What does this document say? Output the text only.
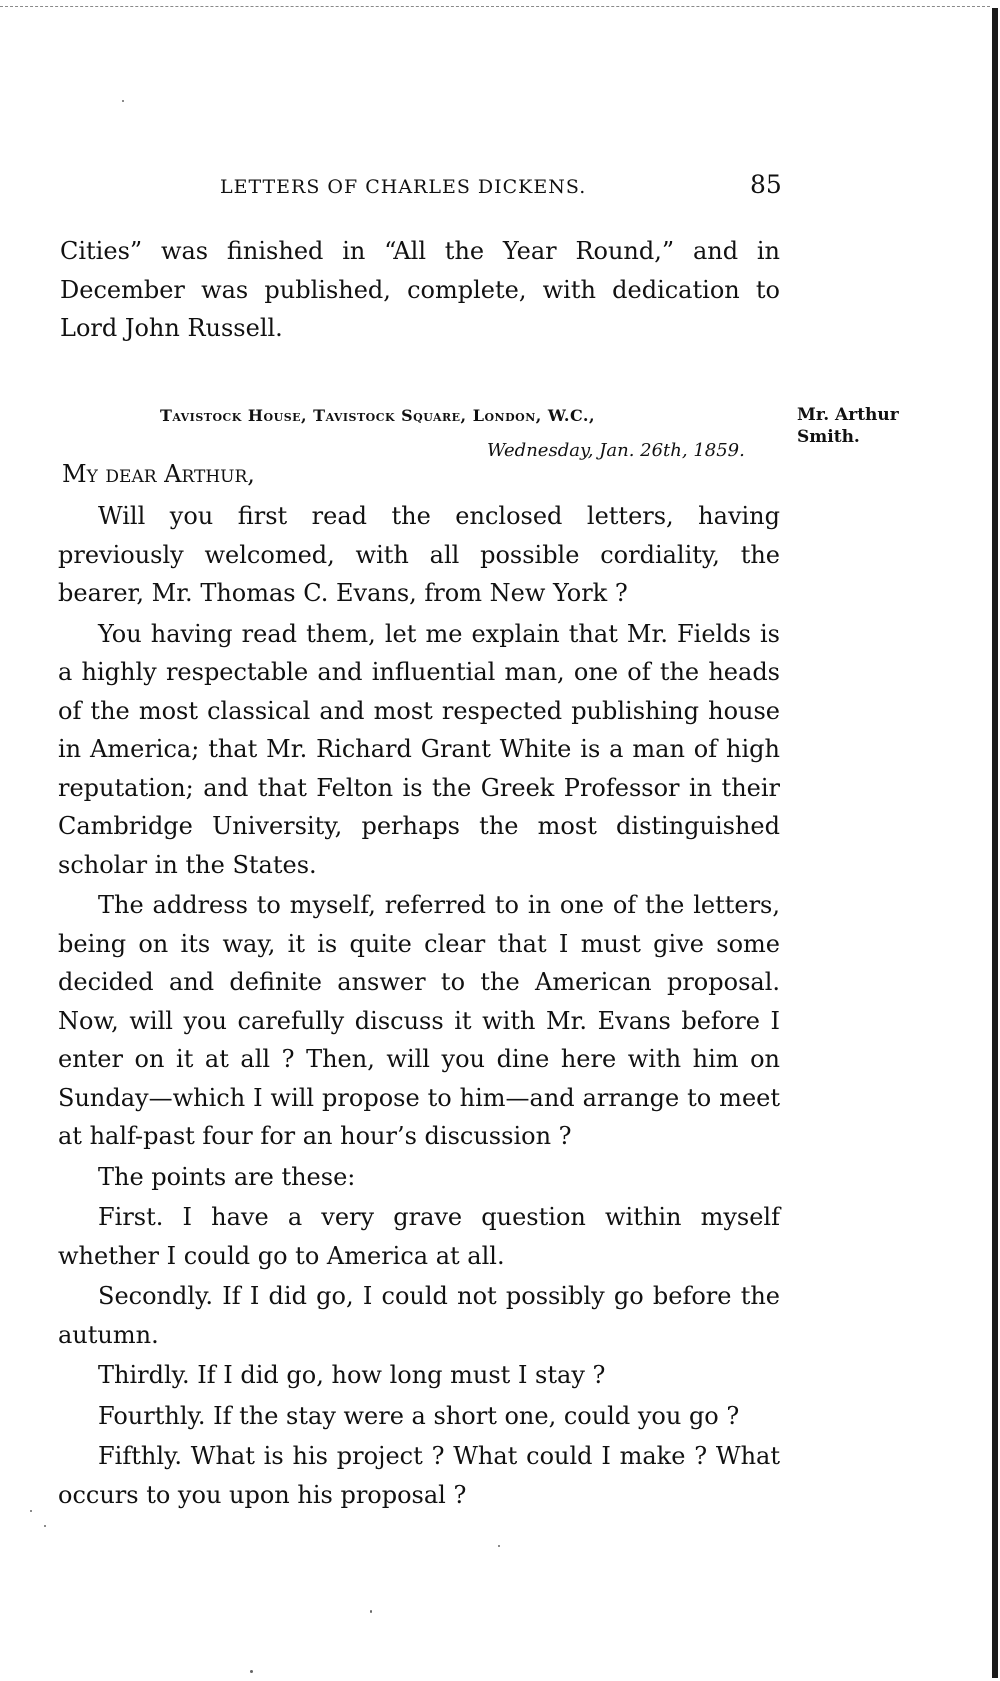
LETTERS OF CHARLES DICKENS.	85
Cities” was finished in “All the Year Round,” and in December was published, complete, with dedication to Lord John Russell.
Tavistock House, Tavistock Square, London, W.C.,
Wednesday, Jan. 26th, 1859.
Mr. Arthur Smith.
My dear Arthur,

Will you first read the enclosed letters, having previously welcomed, with all possible cordiality, the bearer, Mr. Thomas C. Evans, from New York ?

You having read them, let me explain that Mr. Fields is a highly respectable and influential man, one of the heads of the most classical and most respected publishing house in America; that Mr. Richard Grant White is a man of high reputation; and that Felton is the Greek Professor in their Cambridge University, perhaps the most distinguished scholar in the States.

The address to myself, referred to in one of the letters, being on its way, it is quite clear that I must give some decided and definite answer to the American proposal. Now, will you carefully discuss it with Mr. Evans before I enter on it at all ? Then, will you dine here with him on Sunday—which I will propose to him—and arrange to meet at half-past four for an hour’s discussion ?

The points are these:

First. I have a very grave question within myself whether I could go to America at all.

Secondly. If I did go, I could not possibly go before the autumn.

Thirdly. If I did go, how long must I stay ?

Fourthly. If the stay were a short one, could you go ?

Fifthly. What is his project ? What could I make ? What occurs to you upon his proposal ?
